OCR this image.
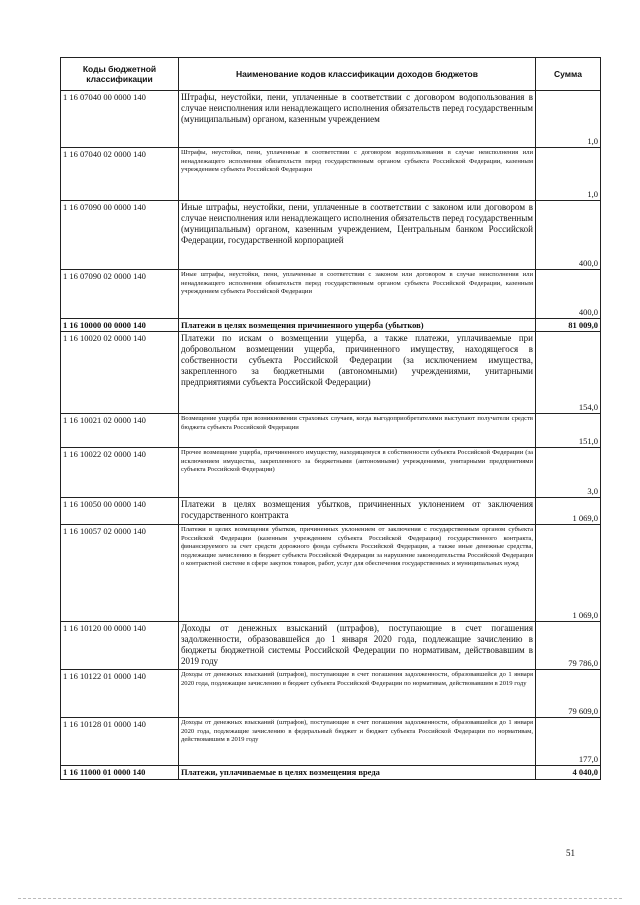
Коды бюджетной классификации	Наименование кодов классификации доходов бюджетов	Сумма
1 16 07040 00 0000 140	Штрафы, неустойки, пени, уплаченные в соответствии с договором водопользования в случае неисполнения или ненадлежащего исполнения обязательств перед государственным (муниципальным) органом, казенным учреждением	1,0
1 16 07040 02 0000 140	Штрафы, неустойки, пени, уплаченные в соответствии с договором водопользования в случае неисполнения или ненадлежащего исполнения обязательств перед государственным органом субъекта Российской Федерации, казенным учреждением субъекта Российской Федерации	1,0
1 16 07090 00 0000 140	Иные штрафы, неустойки, пени, уплаченные в соответствии с законом или договором в случае неисполнения или ненадлежащего исполнения обязательств перед государственным (муниципальным) органом, казенным учреждением, Центральным банком Российской Федерации, государственной корпорацией	400,0
1 16 07090 02 0000 140	Иные штрафы, неустойки, пени, уплаченные в соответствии с законом или договором в случае неисполнения или ненадлежащего исполнения обязательств перед государственным органом субъекта Российской Федерации, казенным учреждением субъекта Российской Федерации	400,0
1 16 10000 00 0000 140	Платежи в целях возмещения причиненного ущерба (убытков)	81 009,0
1 16 10020 02 0000 140	Платежи по искам о возмещении ущерба, а также платежи, уплачиваемые при добровольном возмещении ущерба, причиненного имуществу, находящегося в собственности субъекта Российской Федерации (за исключением имущества, закрепленного за бюджетными (автономными) учреждениями, унитарными предприятиями субъекта Российской Федерации)	154,0
1 16 10021 02 0000 140	Возмещение ущерба при возникновении страховых случаев, когда выгодоприобретателями выступают получатели средств бюджета субъекта Российской Федерации	151,0
1 16 10022 02 0000 140	Прочее возмещение ущерба, причиненного имуществу, находящемуся в собственности субъекта Российской Федерации (за исключением имущества, закрепленного за бюджетными (автономными) учреждениями, унитарными предприятиями субъекта Российской Федерации)	3,0
1 16 10050 00 0000 140	Платежи в целях возмещения убытков, причиненных уклонением от заключения государственного контракта	1 069,0
1 16 10057 02 0000 140	Платежи в целях возмещения убытков, причиненных уклонением от заключения с государственным органом субъекта Российской Федерации (казенным учреждением субъекта Российской Федерации) государственного контракта, финансируемого за счет средств дорожного фонда субъекта Российской Федерации, а также иные денежные средства, подлежащие зачислению в бюджет субъекта Российской Федерации за нарушение законодательства Российской Федерации о контрактной системе в сфере закупок товаров, работ, услуг для обеспечения государственных и муниципальных нужд	1 069,0
1 16 10120 00 0000 140	Доходы от денежных взысканий (штрафов), поступающие в счет погашения задолженности, образовавшейся до 1 января 2020 года, подлежащие зачислению в бюджеты бюджетной системы Российской Федерации по нормативам, действовавшим в 2019 году	79 786,0
1 16 10122 01 0000 140	Доходы от денежных взысканий (штрафов), поступающие в счет погашения задолженности, образовавшейся до 1 января 2020 года, подлежащие зачислению в бюджет субъекта Российской Федерации по нормативам, действовавшим в 2019 году	79 609,0
1 16 10128 01 0000 140	Доходы от денежных взысканий (штрафов), поступающие в счет погашения задолженности, образовавшейся до 1 января 2020 года, подлежащие зачислению в федеральный бюджет и бюджет субъекта Российской Федерации по нормативам, действовавшим в 2019 году	177,0
1 16 11000 01 0000 140	Платежи, уплачиваемые в целях возмещения вреда	4 040,0
51
